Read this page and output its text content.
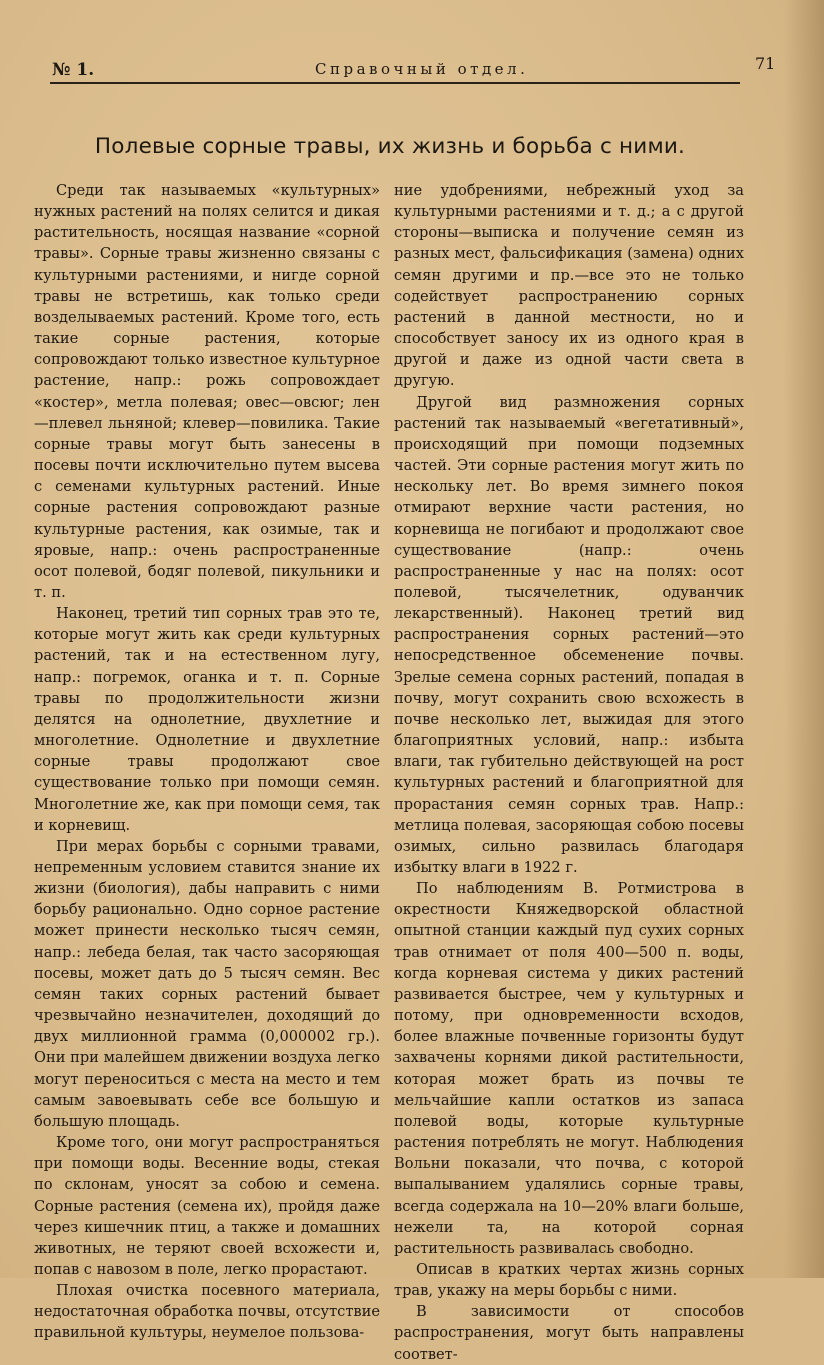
№ 1.	Справочный отдел.	71
Полевые сорные травы, их жизнь и борьба с ними.

Среди так называемых «культурных» нужных растений на полях селится и дикая растительность, носящая название «сорной травы». Сорные травы жизненно связаны с культурными растениями, и нигде сорной травы не встретишь, как только среди возделываемых растений. Кроме того, есть такие сорные растения, которые сопровождают только известное культурное растение, напр.: рожь сопровождает «костер», метла полевая; овес—овсюг; лен—плевел льняной; клевер—повилика. Такие сорные травы могут быть занесены в посевы почти исключительно путем высева с семенами культурных растений. Иные сорные растения сопровождают разные культурные растения, как озимые, так и яровые, напр.: очень распространенные осот полевой, бодяг полевой, пикульники и т. п.

Наконец, третий тип сорных трав это те, которые могут жить как среди культурных растений, так и на естественном лугу, напр.: погремок, оганка и т. п. Сорные травы по продолжительности жизни делятся на однолетние, двухлетние и многолетние. Однолетние и двухлетние сорные травы продолжают свое существование только при помощи семян. Многолетние же, как при помощи семя, так и корневищ.

При мерах борьбы с сорными травами, непременным условием ставится знание их жизни (биология), дабы направить с ними борьбу рационально. Одно сорное растение может принести несколько тысяч семян, напр.: лебеда белая, так часто засоряющая посевы, может дать до 5 тысяч семян. Вес семян таких сорных растений бывает чрезвычайно незначителен, доходящий до двух миллионной грамма (0,000002 гр.). Они при малейшем движении воздуха легко могут переноситься с места на место и тем самым завоевывать себе все большую и большую площадь.

Кроме того, они могут распространяться при помощи воды. Весенние воды, стекая по склонам, уносят за собою и семена. Сорные растения (семена их), пройдя даже через кишечник птиц, а также и домашних животных, не теряют своей всхожести и, попав с навозом в поле, легко прорастают.

Плохая очистка посевного материала, недостаточная обработка почвы, отсутствие правильной культуры, неумелое пользова-

ние удобрениями, небрежный уход за культурными растениями и т. д.; а с другой стороны—выписка и получение семян из разных мест, фальсификация (замена) одних семян другими и пр.—все это не только содействует распространению сорных растений в данной местности, но и способствует заносу их из одного края в другой и даже из одной части света в другую.

Другой вид размножения сорных растений так называемый «вегетативный», происходящий при помощи подземных частей. Эти сорные растения могут жить по нескольку лет. Во время зимнего покоя отмирают верхние части растения, но корневища не погибают и продолжают свое существование (напр.: очень распространенные у нас на полях: осот полевой, тысячелетник, одуванчик лекарственный). Наконец третий вид распространения сорных растений—это непосредственное обсеменение почвы. Зрелые семена сорных растений, попадая в почву, могут сохранить свою всхожесть в почве несколько лет, выжидая для этого благоприятных условий, напр.: избыта влаги, так губительно действующей на рост культурных растений и благоприятной для прорастания семян сорных трав. Напр.: метлица полевая, засоряющая собою посевы озимых, сильно развилась благодаря избытку влаги в 1922 г.

По наблюдениям В. Ротмистрова в окрестности Княжедворской областной опытной станции каждый пуд сухих сорных трав отнимает от поля 400—500 п. воды, когда корневая система у диких растений развивается быстрее, чем у культурных и потому, при одновременности всходов, более влажные почвенные горизонты будут захвачены корнями дикой растительности, которая может брать из почвы те мельчайшие капли остатков из запаса полевой воды, которые культурные растения потреблять не могут. Наблюдения Вольни показали, что почва, с которой выпалыванием удалялись сорные травы, всегда содержала на 10—20% влаги больше, нежели та, на которой сорная растительность развивалась свободно.

Описав в кратких чертах жизнь сорных трав, укажу на меры борьбы с ними.

В зависимости от способов распространения, могут быть направлены соответ-
